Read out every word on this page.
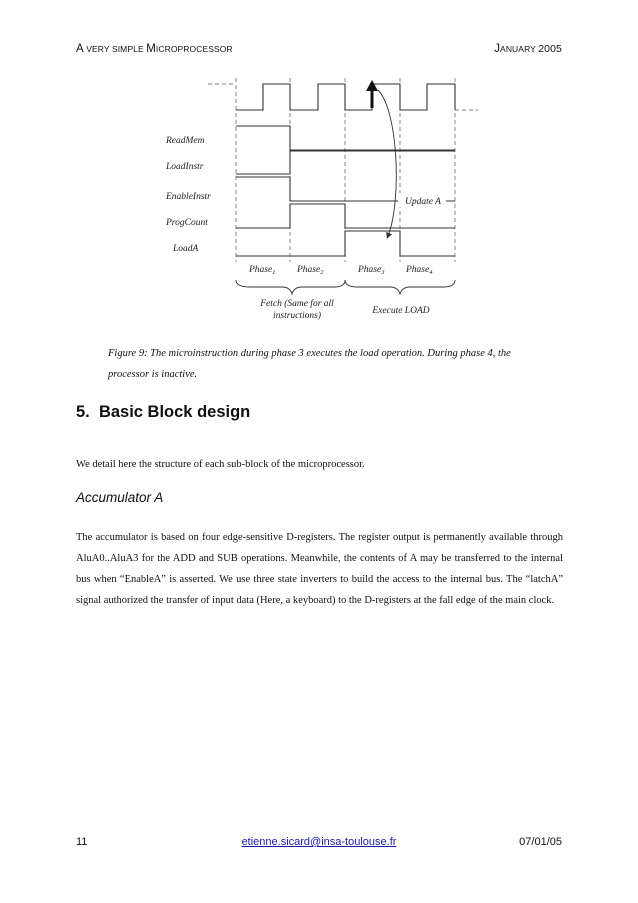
A VERY SIMPLE MICROPROCESSOR	JANUARY 2005
ReadMem
LoadInstr
EnableInstr
ProgCount
LoadA
Update A
Phase$_1$ Phase$_2$	Phase$_3$ Phase$_4$
Fetch (Same for all
instructions)	Execute LOAD
Figure 9: The microinstruction during phase 3 executes the load operation. During phase 4, the processor is inactive.
5. Basic Block design
We detail here the structure of each sub-block of the microprocessor.
Accumulator A
The accumulator is based on four edge-sensitive D-registers. The register output is permanently available through AluA0..AluA3 for the ADD and SUB operations. Meanwhile, the contents of A may be transferred to the internal bus when “EnableA” is asserted. We use three state inverters to build the access to the internal bus. The “latchA” signal authorized the transfer of input data (Here, a keyboard) to the D-registers at the fall edge of the main clock.
11	etienne.sicard@insa-toulouse.fr	07/01/05
